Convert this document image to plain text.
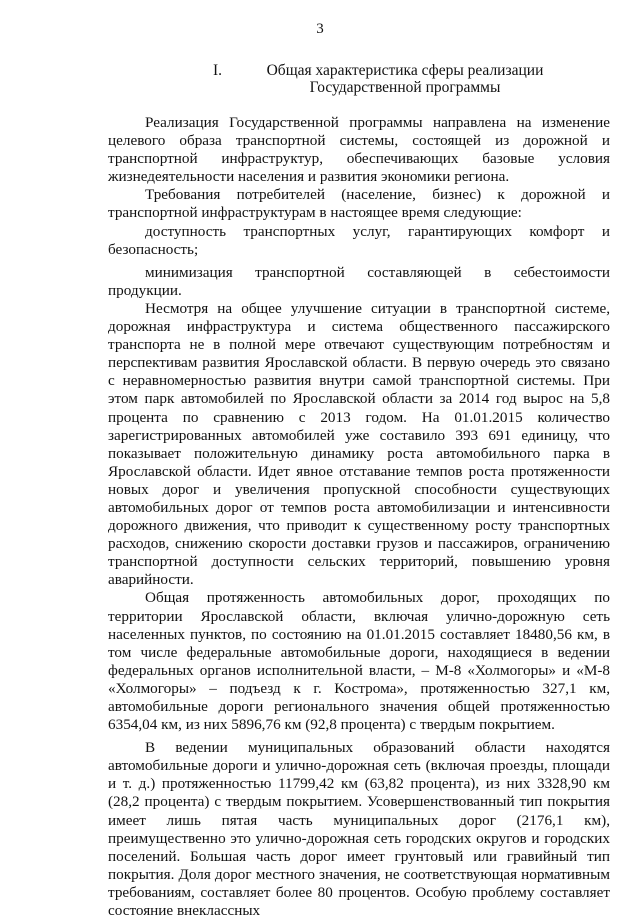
3
I.	Общая характеристика сферы реализации
Государственной программы

Реализация Государственной программы направлена на изменение целевого образа транспортной системы, состоящей из дорожной и транспортной инфраструктур, обеспечивающих базовые условия жизнедеятельности населения и развития экономики региона.

Требования потребителей (население, бизнес) к дорожной и транспортной инфраструктурам в настоящее время следующие:

доступность транспортных услуг, гарантирующих комфорт и безопасность;

минимизация транспортной составляющей в себестоимости продукции.

Несмотря на общее улучшение ситуации в транспортной системе, дорожная инфраструктура и система общественного пассажирского транспорта не в полной мере отвечают существующим потребностям и перспективам развития Ярославской области. В первую очередь это связано с неравномерностью развития внутри самой транспортной системы. При этом парк автомобилей по Ярославской области за 2014 год вырос на 5,8 процента по сравнению с 2013 годом. На 01.01.2015 количество зарегистрированных автомобилей уже составило 393 691 единицу, что показывает положительную динамику роста автомобильного парка в Ярославской области. Идет явное отставание темпов роста протяженности новых дорог и увеличения пропускной способности существующих автомобильных дорог от темпов роста автомобилизации и интенсивности дорожного движения, что приводит к существенному росту транспортных расходов, снижению скорости доставки грузов и пассажиров, ограничению транспортной доступности сельских территорий, повышению уровня аварийности.

Общая протяженность автомобильных дорог, проходящих по территории Ярославской области, включая улично-дорожную сеть населенных пунктов, по состоянию на 01.01.2015 составляет 18480,56 км, в том числе федеральные автомобильные дороги, находящиеся в ведении федеральных органов исполнительной власти, – М-8 «Холмогоры» и «М-8 «Холмогоры» – подъезд к г. Кострома», протяженностью 327,1 км, автомобильные дороги регионального значения общей протяженностью 6354,04 км, из них 5896,76 км (92,8 процента) с твердым покрытием.

В ведении муниципальных образований области находятся автомобильные дороги и улично-дорожная сеть (включая проезды, площади и т. д.) протяженностью 11799,42 км (63,82 процента), из них 3328,90 км (28,2 процента) с твердым покрытием. Усовершенствованный тип покрытия имеет лишь пятая часть муниципальных дорог (2176,1 км), преимущественно это улично-дорожная сеть городских округов и городских поселений. Большая часть дорог имеет грунтовый или гравийный тип покрытия. Доля дорог местного значения, не соответствующая нормативным требованиям, составляет более 80 процентов. Особую проблему составляет состояние внеклассных
